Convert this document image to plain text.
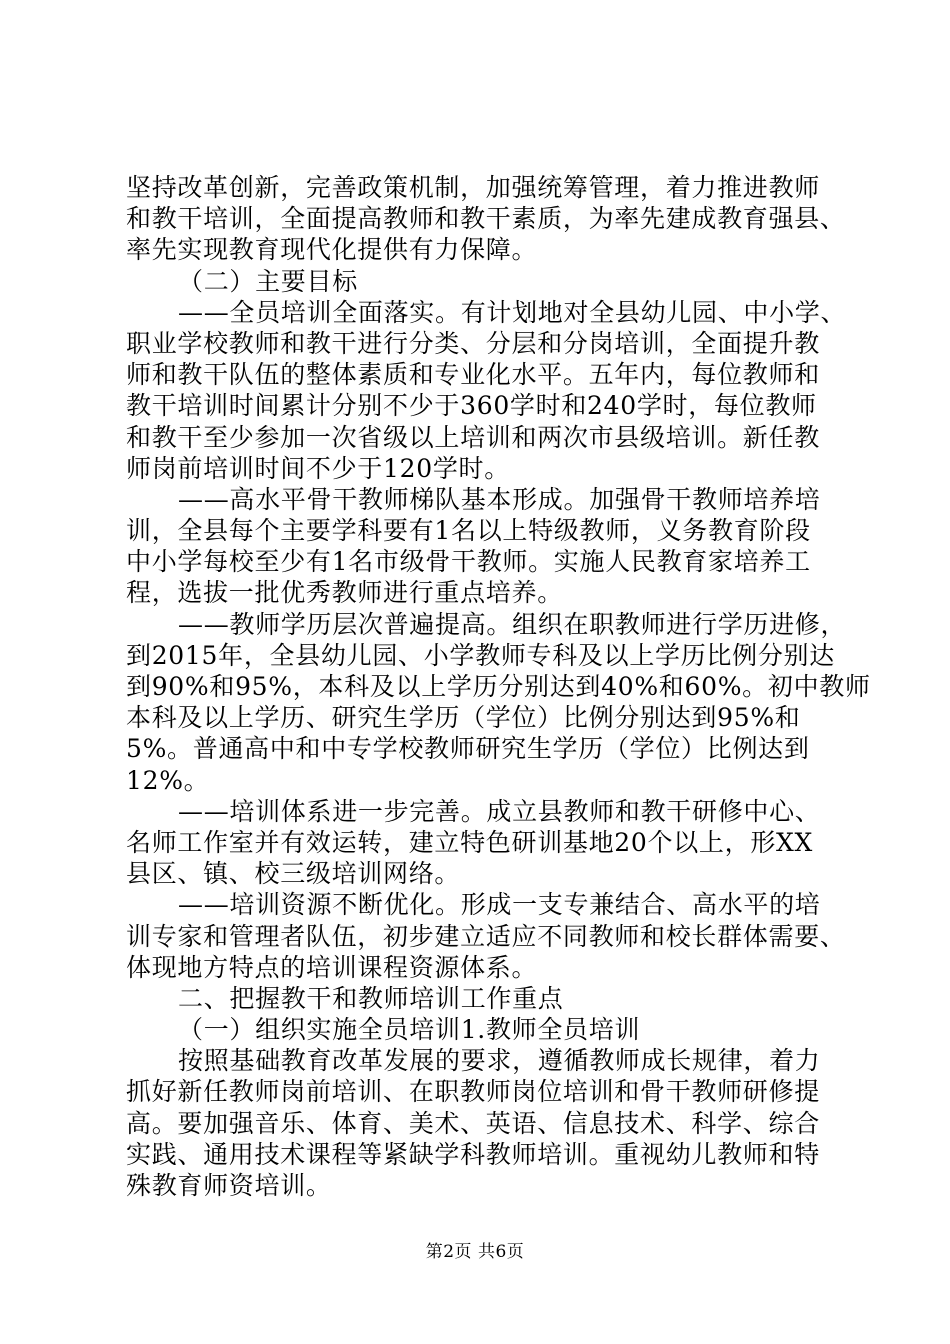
坚持改革创新，完善政策机制，加强统筹管理，着力推进教师
和教干培训，全面提高教师和教干素质，为率先建成教育强县、
率先实现教育现代化提供有力保障。
（二）主要目标
——全员培训全面落实。有计划地对全县幼儿园、中小学、
职业学校教师和教干进行分类、分层和分岗培训，全面提升教
师和教干队伍的整体素质和专业化水平。五年内，每位教师和
教干培训时间累计分别不少于360学时和240学时，每位教师
和教干至少参加一次省级以上培训和两次市县级培训。新任教
师岗前培训时间不少于120学时。
——高水平骨干教师梯队基本形成。加强骨干教师培养培
训，全县每个主要学科要有1名以上特级教师，义务教育阶段
中小学每校至少有1名市级骨干教师。实施人民教育家培养工
程，选拔一批优秀教师进行重点培养。
——教师学历层次普遍提高。组织在职教师进行学历进修，
到2015年，全县幼儿园、小学教师专科及以上学历比例分别达
到90%和95%，本科及以上学历分别达到40%和60%。初中教师
本科及以上学历、研究生学历（学位）比例分别达到95%和
5%。普通高中和中专学校教师研究生学历（学位）比例达到
12%。
——培训体系进一步完善。成立县教师和教干研修中心、
名师工作室并有效运转，建立特色研训基地20个以上，形XX
县区、镇、校三级培训网络。
——培训资源不断优化。形成一支专兼结合、高水平的培
训专家和管理者队伍，初步建立适应不同教师和校长群体需要、
体现地方特点的培训课程资源体系。
二、把握教干和教师培训工作重点
（一）组织实施全员培训1.教师全员培训
按照基础教育改革发展的要求，遵循教师成长规律，着力
抓好新任教师岗前培训、在职教师岗位培训和骨干教师研修提
高。要加强音乐、体育、美术、英语、信息技术、科学、综合
实践、通用技术课程等紧缺学科教师培训。重视幼儿教师和特
殊教育师资培训。
第2页 共6页
